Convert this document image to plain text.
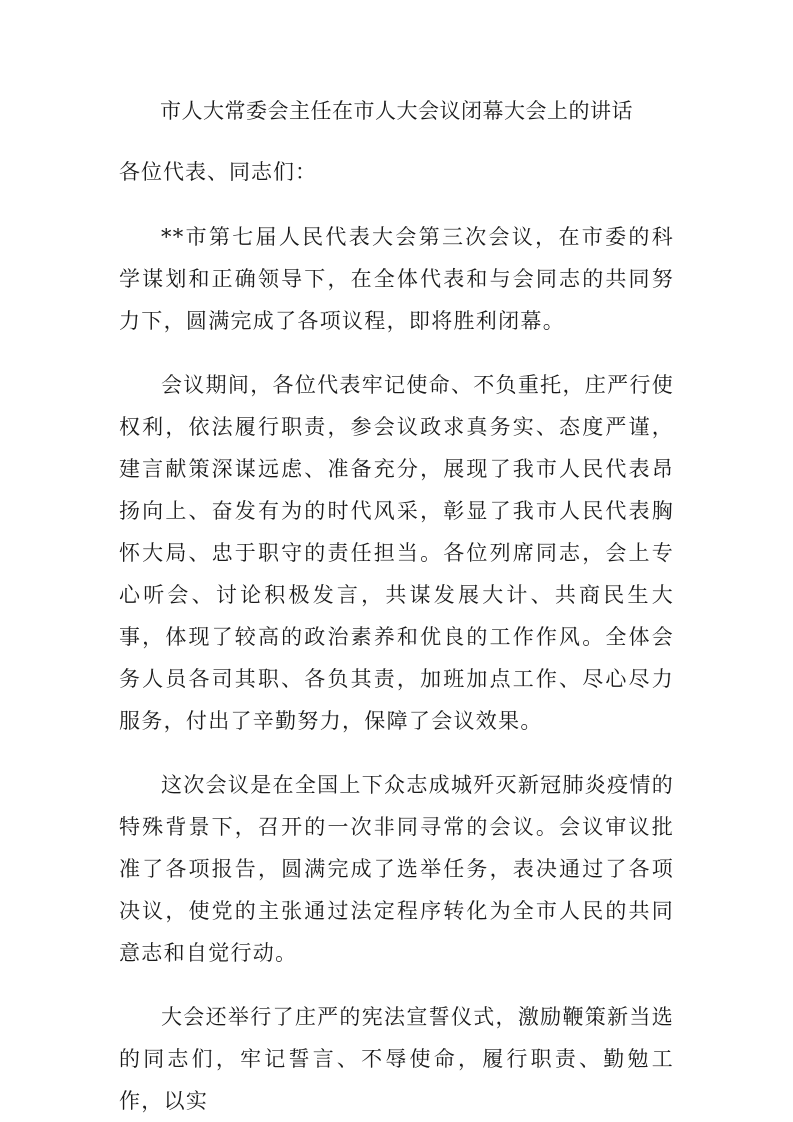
市人大常委会主任在市人大会议闭幕大会上的讲话

各位代表、同志们：

**市第七届人民代表大会第三次会议，在市委的科学谋划和正确领导下，在全体代表和与会同志的共同努力下，圆满完成了各项议程，即将胜利闭幕。

会议期间，各位代表牢记使命、不负重托，庄严行使权利，依法履行职责，参会议政求真务实、态度严谨，建言献策深谋远虑、准备充分，展现了我市人民代表昂扬向上、奋发有为的时代风采，彰显了我市人民代表胸怀大局、忠于职守的责任担当。各位列席同志，会上专心听会、讨论积极发言，共谋发展大计、共商民生大事，体现了较高的政治素养和优良的工作作风。全体会务人员各司其职、各负其责，加班加点工作、尽心尽力服务，付出了辛勤努力，保障了会议效果。

这次会议是在全国上下众志成城歼灭新冠肺炎疫情的特殊背景下，召开的一次非同寻常的会议。会议审议批准了各项报告，圆满完成了选举任务，表决通过了各项决议，使党的主张通过法定程序转化为全市人民的共同意志和自觉行动。

大会还举行了庄严的宪法宣誓仪式，激励鞭策新当选的同志们，牢记誓言、不辱使命，履行职责、勤勉工作，以实
